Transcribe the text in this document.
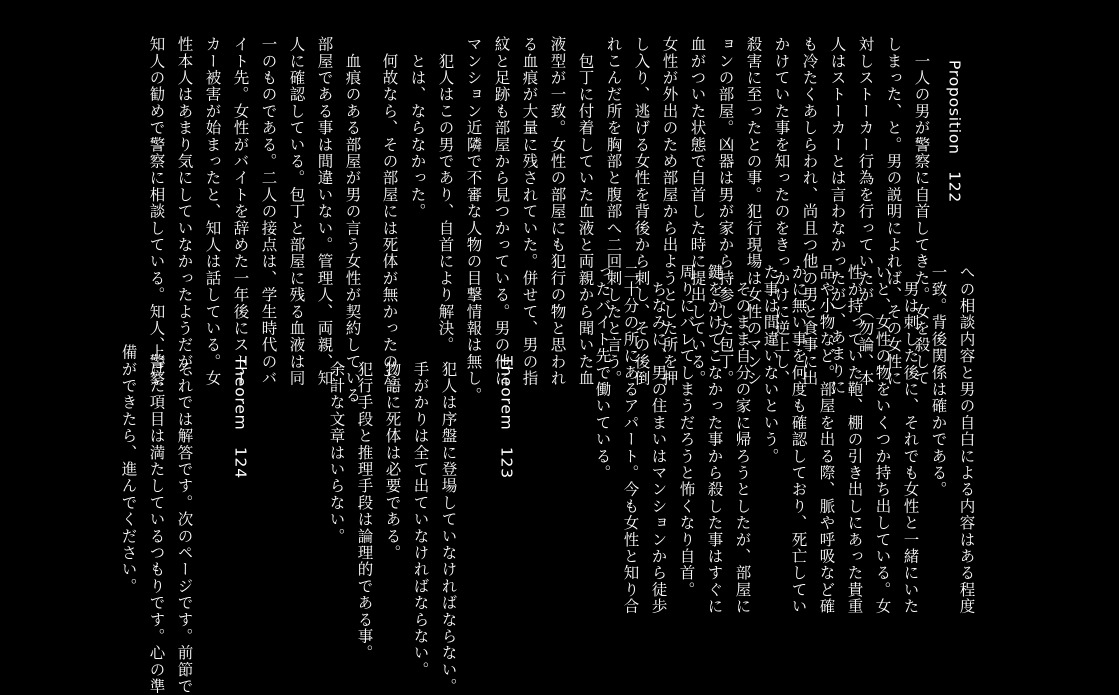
Proposition　122
　一人の男が警察に自首してきた。女を殺して
しまった、と。男の説明によれば、その女性に
対しストーカー行為を行っていたが（勿論、本
人はストーカーとは言わなかったが）、あまりに
も冷たくあしらわれ、尚且つ他の男と食事に出
かけていた事を知ったのをきっかけに逆上し、
殺害に至ったとの事。犯行現場は女性のマンシ
ョンの部屋。凶器は男が家から持参した包丁。
血がついた状態で自首した時に提出している。
女性が外出のため部屋から出ようとした所を押
し入り、逃げる女性を背後から刺し、その後倒
れこんだ所を胸部と腹部へ二回刺したと言う。
　包丁に付着していた血液と両親から聞いた血
液型が一致。女性の部屋にも犯行の物と思われ
る血痕が大量に残されていた。併せて、男の指
紋と足跡も部屋から見つかっている。男の他に
マンション近隣で不審な人物の目撃情報は無し。
　犯人はこの男であり、自首により解決。
　とは、ならなかった。
　何故なら、その部屋には死体が無かったのだ。
　血痕のある部屋が男の言う女性が契約している
部屋である事は間違いない。管理人、両親、知
人に確認している。包丁と部屋に残る血液は同
一のものである。二人の接点は、学生時代のバ
イト先。女性がバイトを辞めた一年後にストー
カー被害が始まったと、知人は話している。女
性本人はあまり気にしていなかったようだが、
知人の勧めで警察に相談している。知人、警察
への相談内容と男の自白による内容はある程度
一致。背後関係は確かである。
　男は刺した後に、それでも女性と一緒にいた
いと、女性の物をいくつか持ち出している。女
性が持っていた鞄、棚の引き出しにあった貴重
品や小物など。部屋を出る際、脈や呼吸など確
かに無い事を何度も確認しており、死亡してい
た事は間違いないという。
　そのまま自分の家に帰ろうとしたが、部屋に
鍵をかけてこなかった事から殺した事はすぐに
周りにバレてしまうだろうと怖くなり自首。
　ちなみに、男の住まいはマンションから徒歩
二十分の所にあるアパート。今も女性と知り合
ったバイト先で働いている。
Theorem　123
　犯人は序盤に登場していなければならない。
　手がかりは全て出ていなければならない。
　物語に死体は必要である。
　犯行手段と推理手段は論理的である事。
　余計な文章はいらない。
Theorem　124
　それでは解答です。次のページです。前節で
上げた項目は満たしているつもりです。心の準
備ができたら、進んでください。
